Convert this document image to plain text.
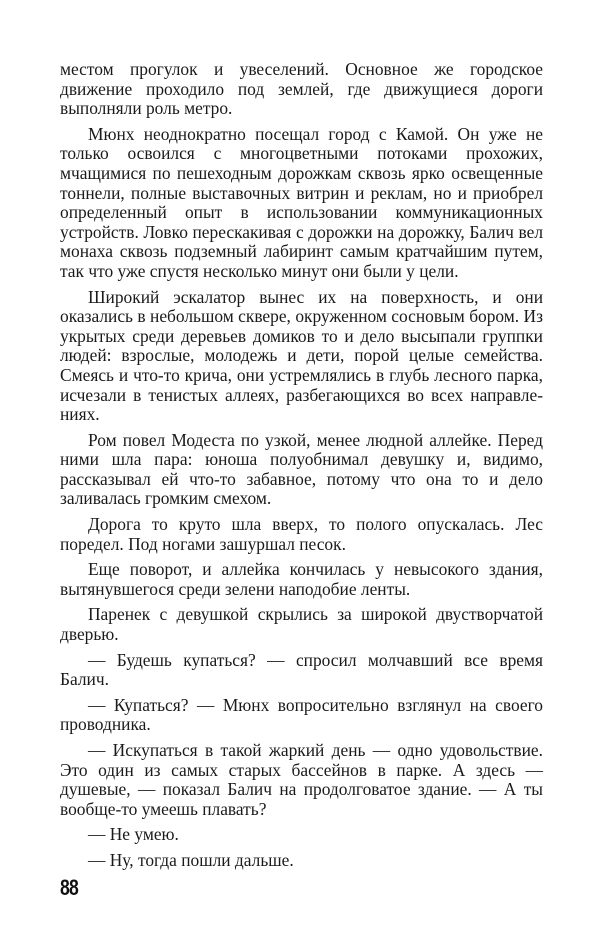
местом прогулок и увеселений. Основное же городское движение проходило под землей, где движущиеся дороги выполняли роль метро.

Мюнх неоднократно посещал город с Камой. Он уже не только освоился с многоцветными потоками прохожих, мчащимися по пешеходным дорожкам сквозь ярко освещенные тоннели, полные выставочных витрин и реклам, но и приобрел определенный опыт в использовании коммуникационных устройств. Ловко перескакивая с дорожки на дорожку, Балич вел монаха сквозь подземный лабиринт самым кратчайшим путем, так что уже спустя несколько минут они были у цели.

Широкий эскалатор вынес их на поверхность, и они оказались в небольшом сквере, окруженном сосновым бором. Из укрытых среди деревьев домиков то и дело высыпали группки людей: взрослые, молодежь и дети, порой целые семейства. Смеясь и что-то крича, они устремлялись в глубь лесного парка, исчезали в тенистых аллеях, разбегающихся во всех направлениях.

Ром повел Модеста по узкой, менее людной аллейке. Перед ними шла пара: юноша полуобнимал девушку и, видимо, рассказывал ей что-то забавное, потому что она то и дело заливалась громким смехом.

Дорога то круто шла вверх, то полого опускалась. Лес поредел. Под ногами зашуршал песок.

Еще поворот, и аллейка кончилась у невысокого здания, вытянувшегося среди зелени наподобие ленты.

Паренек с девушкой скрылись за широкой двустворчатой дверью.

— Будешь купаться? — спросил молчавший все время Балич.

— Купаться? — Мюнх вопросительно взглянул на своего проводника.

— Искупаться в такой жаркий день — одно удовольствие. Это один из самых старых бассейнов в парке. А здесь — душевые, — показал Балич на продолговатое здание. — А ты вообще-то умеешь плавать?

— Не умею.

— Ну, тогда пошли дальше.

88
